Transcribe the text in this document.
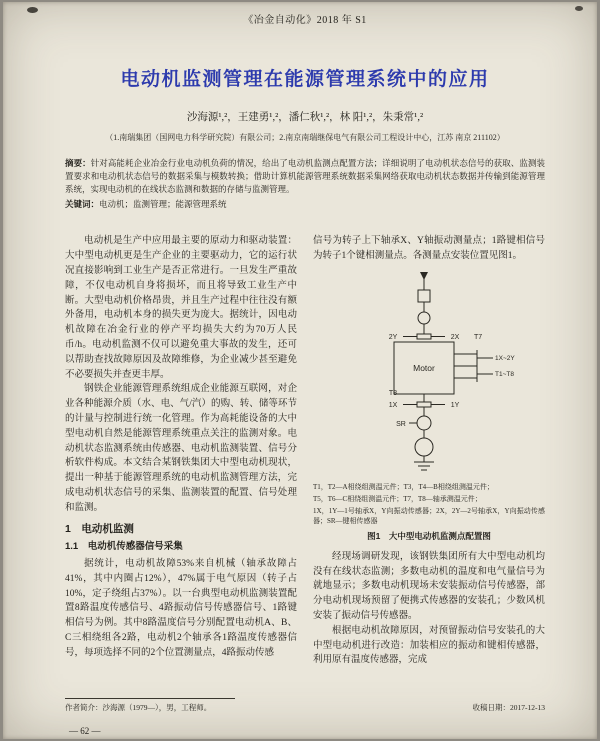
《冶金自动化》2018 年 S1
电动机监测管理在能源管理系统中的应用
沙海源¹,²，王建勇¹,²，潘仁秋¹,²，林 阳¹,²，朱秉常¹,²
（1.南瑞集团（国网电力科学研究院）有限公司；2.南京南瑞继保电气有限公司工程设计中心，江苏 南京 211102）
摘要：针对高能耗企业冶金行业电动机负荷的情况，给出了电动机监测点配置方法；详细说明了电动机状态信号的获取、监测装置要求和电动机状态信号的数据采集与模数转换；借助计算机能源管理系统数据采集网络获取电动机状态数据并传输到能源管理系统，实现电动机的在线状态监测和数据的存储与监测管理。
关键词：电动机；监测管理；能源管理系统

电动机是生产中应用最主要的原动力和驱动装置：大中型电动机更是生产企业的主要驱动力，它的运行状况直接影响到工业生产是否正常进行。一旦发生严重故障，不仅电动机自身将损坏，而且将导致工业生产中断。大型电动机价格昂贵，并且生产过程中往往没有额外备用，电动机本身的损失更为庞大。据统计，因电动机故障在冶金行业的停产平均损失大约为70万人民币/h。电动机监测不仅可以避免重大事故的发生，还可以帮助查找故障原因及故障维修，为企业减少甚至避免不必要损失并查更丰厚。

钢铁企业能源管理系统组成企业能源互联网，对企业各种能源介质（水、电、气/汽）的购、转、储等环节的计量与控制进行统一化管理。作为高耗能设备的大中型电动机自然是能源管理系统重点关注的监测对象。电动机状态监测系统由传感器、电动机监测装置、信号分析软件构成。本文结合某钢铁集团大中型电动机现状，提出一种基于能源管理系统的电动机监测管理方法，完成电动机状态信号的采集、监测装置的配置、信号处理和监测。

1　电动机监测
1.1　电动机传感器信号采集

据统计，电动机故障53%来自机械（轴承故障占41%，其中内圈占12%），47%属于电气原因（转子占10%，定子绕组占37%）。以一台典型电动机监测装置配置8路温度传感信号、4路振动信号传感器信号、1路键相信号为例。其中8路温度信号分别配置电动机A、B、C三相绕组各2路，电动机2个轴承各1路温度传感器信号，每项选择不同的2个位置测量点，4路振动传感

信号为转子上下轴承X、Y轴振动测量点；1路键相信号为转子1个键相测量点。各测量点安装位置见图1。

2Y	2X T7
Motor
1X~2Y
T1~T8
T8
1X	1Y
SR
T1，T2—A相绕组测温元件；T3，T4—B相绕组测温元件；
T5，T6—C相绕组测温元件；T7，T8—轴承测温元件；
1X，1Y—1号轴承X，Y向振动传感器；2X，2Y—2号轴承X，Y向振动传感器；SR—键相传感器
图1　大中型电动机监测点配置图

经现场调研发现，该钢铁集团所有大中型电动机均没有在线状态监测；多数电动机的温度和电气量信号为就地显示；多数电动机现场未安装振动信号传感器，部分电动机现场预留了便携式传感器的安装孔；少数风机安装了振动信号传感器。

根据电动机故障原因，对预留振动信号安装孔的大中型电动机进行改造：加装相应的振动和键相传感器，利用原有温度传感器，完成

作者简介：沙海源（1979—），男，工程师。	收稿日期：2017-12-13
— 62 —
